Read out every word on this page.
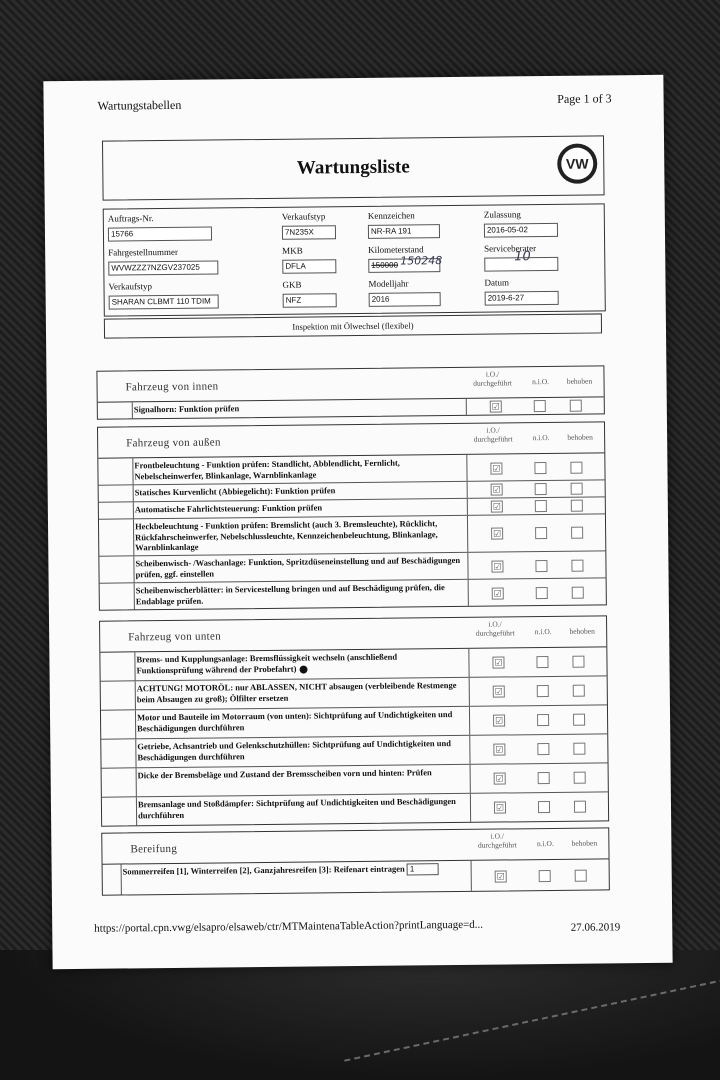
Wartungstabellen	Page 1 of 3
Wartungsliste	VW
Auftrags-Nr.
15766
Verkaufstyp
7N235X
Kennzeichen
NR-RA 191
Zulassung
2016-05-02
Fahrgestellnummer
WVWZZZ7NZGV237025
MKB
DFLA
Kilometerstand
150000 150248
Serviceberater
10
Verkaufstyp
SHARAN CLBMT 110 TDIM
GKB
NFZ
Modelljahr
2016
Datum
2019-6-27
Inspektion mit Ölwechsel (flexibel)
Fahrzeug von innen
i.O./
durchgeführt	n.i.O.	behoben
Signalhorn: Funktion prüfen	☑
Fahrzeug von außen
i.O./
durchgeführt	n.i.O.	behoben
Frontbeleuchtung - Funktion prüfen: Standlicht, Abblendlicht, Fernlicht, Nebelscheinwerfer, Blinkanlage, Warnblinkanlage
☑
Statisches Kurvenlicht (Abbiegelicht): Funktion prüfen	☑
Automatische Fahrlichtsteuerung: Funktion prüfen	☑
Heckbeleuchtung - Funktion prüfen: Bremslicht (auch 3. Bremsleuchte), Rücklicht, Rückfahrscheinwerfer, Nebelschlussleuchte, Kennzeichenbeleuchtung, Blinkanlage, Warnblinkanlage
☑
Scheibenwisch- /Waschanlage: Funktion, Spritzdüseneinstellung und auf Beschädigungen prüfen, ggf. einstellen
☑
Scheibenwischerblätter: in Servicestellung bringen und auf Beschädigung prüfen, die Endablage prüfen.
☑
Fahrzeug von unten
i.O./
durchgeführt	n.i.O.	behoben
Brems- und Kupplungsanlage: Bremsflüssigkeit wechseln (anschließend Funktionsprüfung während der Probefahrt)
☑
ACHTUNG! MOTORÖL: nur ABLASSEN, NICHT absaugen (verbleibende Restmenge beim Absaugen zu groß); Ölfilter ersetzen
☑
Motor und Bauteile im Motorraum (von unten): Sichtprüfung auf Undichtigkeiten und Beschädigungen durchführen
☑
Getriebe, Achsantrieb und Gelenkschutzhüllen: Sichtprüfung auf Undichtigkeiten und Beschädigungen durchführen
☑
Dicke der Bremsbeläge und Zustand der Bremsscheiben vorn und hinten: Prüfen	☑
Bremsanlage und Stoßdämpfer: Sichtprüfung auf Undichtigkeiten und Beschädigungen durchführen
☑
Bereifung
i.O./
durchgeführt	n.i.O.	behoben
Sommerreifen [1], Winterreifen [2], Ganzjahresreifen [3]: Reifenart eintragen 1
☑
https://portal.cpn.vwg/elsapro/elsaweb/ctr/MTMaintenaTableAction?printLanguage=d...	27.06.2019
